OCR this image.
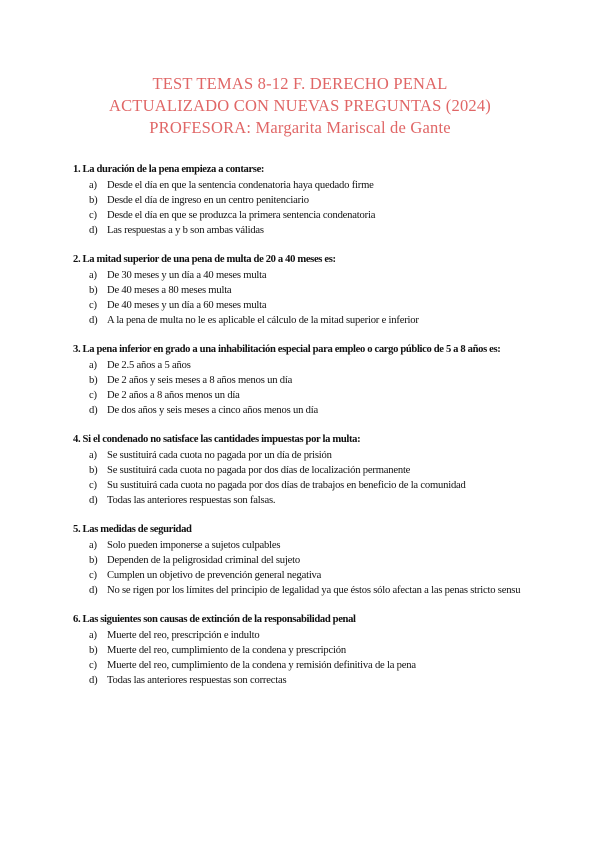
TEST TEMAS 8-12 F. DERECHO PENAL
ACTUALIZADO CON NUEVAS PREGUNTAS (2024)
PROFESORA: Margarita Mariscal de Gante
1. La duración de la pena empieza a contarse:
a) Desde el día en que la sentencia condenatoria haya quedado firme
b) Desde el día de ingreso en un centro penitenciario
c) Desde el día en que se produzca la primera sentencia condenatoria
d) Las respuestas a y b son ambas válidas
2. La mitad superior de una pena de multa de 20 a 40 meses es:
a) De 30 meses y un día a 40 meses multa
b) De 40 meses a 80 meses multa
c) De 40 meses y un día a 60 meses multa
d) A la pena de multa no le es aplicable el cálculo de la mitad superior e inferior
3. La pena inferior en grado a una inhabilitación especial para empleo o cargo público de 5 a 8 años es:
a) De 2.5 años a 5 años
b) De 2 años y seis meses a 8 años menos un día
c) De 2 años a 8 años menos un día
d) De dos años y seis meses a cinco años menos un día
4. Si el condenado no satisface las cantidades impuestas por la multa:
a) Se sustituirá cada cuota no pagada por un día de prisión
b) Se sustituirá cada cuota no pagada por dos días de localización permanente
c) Su sustituirá cada cuota no pagada por dos días de trabajos en beneficio de la comunidad
d) Todas las anteriores respuestas son falsas.
5. Las medidas de seguridad
a) Solo pueden imponerse a sujetos culpables
b) Dependen de la peligrosidad criminal del sujeto
c) Cumplen un objetivo de prevención general negativa
d) No se rigen por los límites del principio de legalidad ya que éstos sólo afectan a las penas stricto sensu
6. Las siguientes son causas de extinción de la responsabilidad penal
a) Muerte del reo, prescripción e indulto
b) Muerte del reo, cumplimiento de la condena y prescripción
c) Muerte del reo, cumplimiento de la condena y remisión definitiva de la pena
d) Todas las anteriores respuestas son correctas
